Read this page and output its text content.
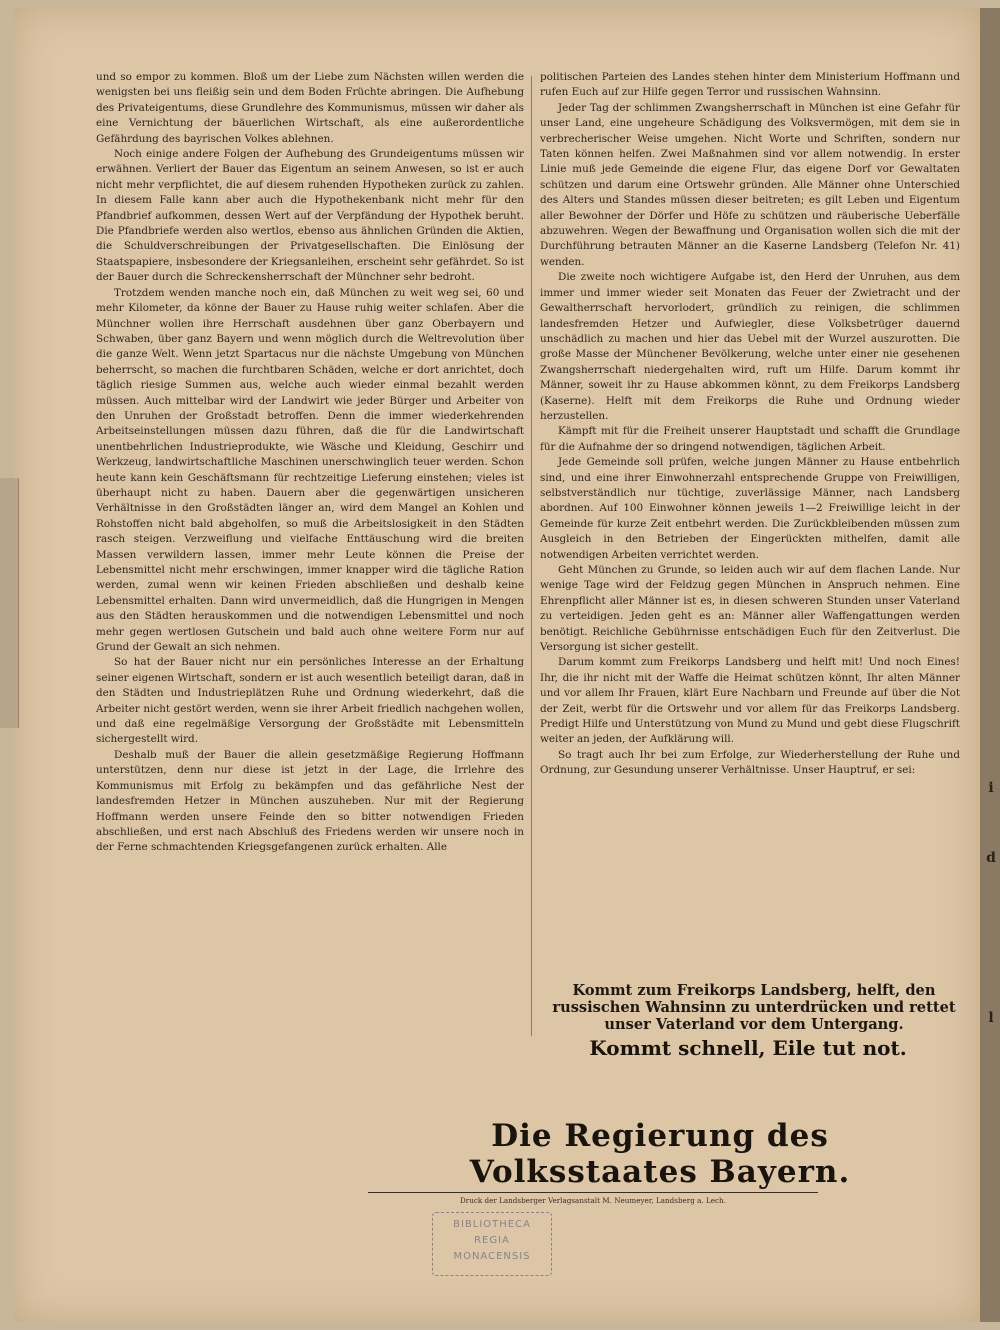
und so empor zu kommen. Bloß um der Liebe zum Nächsten willen werden die wenigsten bei uns fleißig sein und dem Boden Früchte abringen. Die Aufhebung des Privateigentums, diese Grundlehre des Kommunismus, müssen wir daher als eine Vernichtung der bäuerlichen Wirtschaft, als eine außerordentliche Gefährdung des bayrischen Volkes ablehnen.

Noch einige andere Folgen der Aufhebung des Grundeigentums müssen wir erwähnen. Verliert der Bauer das Eigentum an seinem Anwesen, so ist er auch nicht mehr verpflichtet, die auf diesem ruhenden Hypotheken zurück zu zahlen. In diesem Falle kann aber auch die Hypothekenbank nicht mehr für den Pfandbrief aufkommen, dessen Wert auf der Verpfändung der Hypothek beruht. Die Pfandbriefe werden also wertlos, ebenso aus ähnlichen Gründen die Aktien, die Schuldverschreibungen der Privatgesellschaften. Die Einlösung der Staatspapiere, insbesondere der Kriegsanleihen, erscheint sehr gefährdet. So ist der Bauer durch die Schreckensherrschaft der Münchner sehr bedroht.

Trotzdem wenden manche noch ein, daß München zu weit weg sei, 60 und mehr Kilometer, da könne der Bauer zu Hause ruhig weiter schlafen. Aber die Münchner wollen ihre Herrschaft ausdehnen über ganz Oberbayern und Schwaben, über ganz Bayern und wenn möglich durch die Weltrevolution über die ganze Welt. Wenn jetzt Spartacus nur die nächste Umgebung von München beherrscht, so machen die furchtbaren Schäden, welche er dort anrichtet, doch täglich riesige Summen aus, welche auch wieder einmal bezahlt werden müssen. Auch mittelbar wird der Landwirt wie jeder Bürger und Arbeiter von den Unruhen der Großstadt betroffen. Denn die immer wiederkehrenden Arbeitseinstellungen müssen dazu führen, daß die für die Landwirtschaft unentbehrlichen Industrieprodukte, wie Wäsche und Kleidung, Geschirr und Werkzeug, landwirtschaftliche Maschinen unerschwinglich teuer werden. Schon heute kann kein Geschäftsmann für rechtzeitige Lieferung einstehen; vieles ist überhaupt nicht zu haben. Dauern aber die gegenwärtigen unsicheren Verhältnisse in den Großstädten länger an, wird dem Mangel an Kohlen und Rohstoffen nicht bald abgeholfen, so muß die Arbeitslosigkeit in den Städten rasch steigen. Verzweiflung und vielfache Enttäuschung wird die breiten Massen verwildern lassen, immer mehr Leute können die Preise der Lebensmittel nicht mehr erschwingen, immer knapper wird die tägliche Ration werden, zumal wenn wir keinen Frieden abschließen und deshalb keine Lebensmittel erhalten. Dann wird unvermeidlich, daß die Hungrigen in Mengen aus den Städten herauskommen und die notwendigen Lebensmittel und noch mehr gegen wertlosen Gutschein und bald auch ohne weitere Form nur auf Grund der Gewalt an sich nehmen.

So hat der Bauer nicht nur ein persönliches Interesse an der Erhaltung seiner eigenen Wirtschaft, sondern er ist auch wesentlich beteiligt daran, daß in den Städten und Industrieplätzen Ruhe und Ordnung wiederkehrt, daß die Arbeiter nicht gestört werden, wenn sie ihrer Arbeit friedlich nachgehen wollen, und daß eine regelmäßige Versorgung der Großstädte mit Lebensmitteln sichergestellt wird.

Deshalb muß der Bauer die allein gesetzmäßige Regierung Hoffmann unterstützen, denn nur diese ist jetzt in der Lage, die Irrlehre des Kommunismus mit Erfolg zu bekämpfen und das gefährliche Nest der landesfremden Hetzer in München auszuheben. Nur mit der Regierung Hoffmann werden unsere Feinde den so bitter notwendigen Frieden abschließen, und erst nach Abschluß des Friedens werden wir unsere noch in der Ferne schmachtenden Kriegsgefangenen zurück erhalten. Alle

politischen Parteien des Landes stehen hinter dem Ministerium Hoffmann und rufen Euch auf zur Hilfe gegen Terror und russischen Wahnsinn.

Jeder Tag der schlimmen Zwangsherrschaft in München ist eine Gefahr für unser Land, eine ungeheure Schädigung des Volksvermögen, mit dem sie in verbrecherischer Weise umgehen. Nicht Worte und Schriften, sondern nur Taten können helfen. Zwei Maßnahmen sind vor allem notwendig. In erster Linie muß jede Gemeinde die eigene Flur, das eigene Dorf vor Gewaltaten schützen und darum eine Ortswehr gründen. Alle Männer ohne Unterschied des Alters und Standes müssen dieser beitreten; es gilt Leben und Eigentum aller Bewohner der Dörfer und Höfe zu schützen und räuberische Ueberfälle abzuwehren. Wegen der Bewaffnung und Organisation wollen sich die mit der Durchführung betrauten Männer an die Kaserne Landsberg (Telefon Nr. 41) wenden.

Die zweite noch wichtigere Aufgabe ist, den Herd der Unruhen, aus dem immer und immer wieder seit Monaten das Feuer der Zwietracht und der Gewaltherrschaft hervorlodert, gründlich zu reinigen, die schlimmen landesfremden Hetzer und Aufwiegler, diese Volksbetrüger dauernd unschädlich zu machen und hier das Uebel mit der Wurzel auszurotten. Die große Masse der Münchener Bevölkerung, welche unter einer nie gesehenen Zwangsherrschaft niedergehalten wird, ruft um Hilfe. Darum kommt ihr Männer, soweit ihr zu Hause abkommen könnt, zu dem Freikorps Landsberg (Kaserne). Helft mit dem Freikorps die Ruhe und Ordnung wieder herzustellen.

Kämpft mit für die Freiheit unserer Hauptstadt und schafft die Grundlage für die Aufnahme der so dringend notwendigen, täglichen Arbeit.

Jede Gemeinde soll prüfen, welche jungen Männer zu Hause entbehrlich sind, und eine ihrer Einwohnerzahl entsprechende Gruppe von Freiwilligen, selbstverständlich nur tüchtige, zuverlässige Männer, nach Landsberg abordnen. Auf 100 Einwohner können jeweils 1—2 Freiwillige leicht in der Gemeinde für kurze Zeit entbehrt werden. Die Zurückbleibenden müssen zum Ausgleich in den Betrieben der Eingerückten mithelfen, damit alle notwendigen Arbeiten verrichtet werden.

Geht München zu Grunde, so leiden auch wir auf dem flachen Lande. Nur wenige Tage wird der Feldzug gegen München in Anspruch nehmen. Eine Ehrenpflicht aller Männer ist es, in diesen schweren Stunden unser Vaterland zu verteidigen. Jeden geht es an: Männer aller Waffengattungen werden benötigt. Reichliche Gebührnisse entschädigen Euch für den Zeitverlust. Die Versorgung ist sicher gestellt.

Darum kommt zum Freikorps Landsberg und helft mit! Und noch Eines! Ihr, die ihr nicht mit der Waffe die Heimat schützen könnt, Ihr alten Männer und vor allem Ihr Frauen, klärt Eure Nachbarn und Freunde auf über die Not der Zeit, werbt für die Ortswehr und vor allem für das Freikorps Landsberg. Predigt Hilfe und Unterstützung von Mund zu Mund und gebt diese Flugschrift weiter an jeden, der Aufklärung will.

So tragt auch Ihr bei zum Erfolge, zur Wiederherstellung der Ruhe und Ordnung, zur Gesundung unserer Verhältnisse. Unser Hauptruf, er sei:

Kommt zum Freikorps Landsberg, helft, den russischen Wahnsinn zu unterdrücken und rettet unser Vaterland vor dem Untergang.
Kommt schnell, Eile tut not.
Die Regierung des Volksstaates Bayern.
Druck der Landsberger Verlagsanstalt M. Neumeyer, Landsberg a. Lech.
BIBLIOTHECA
REGIA
MONACENSIS
i
d
l
